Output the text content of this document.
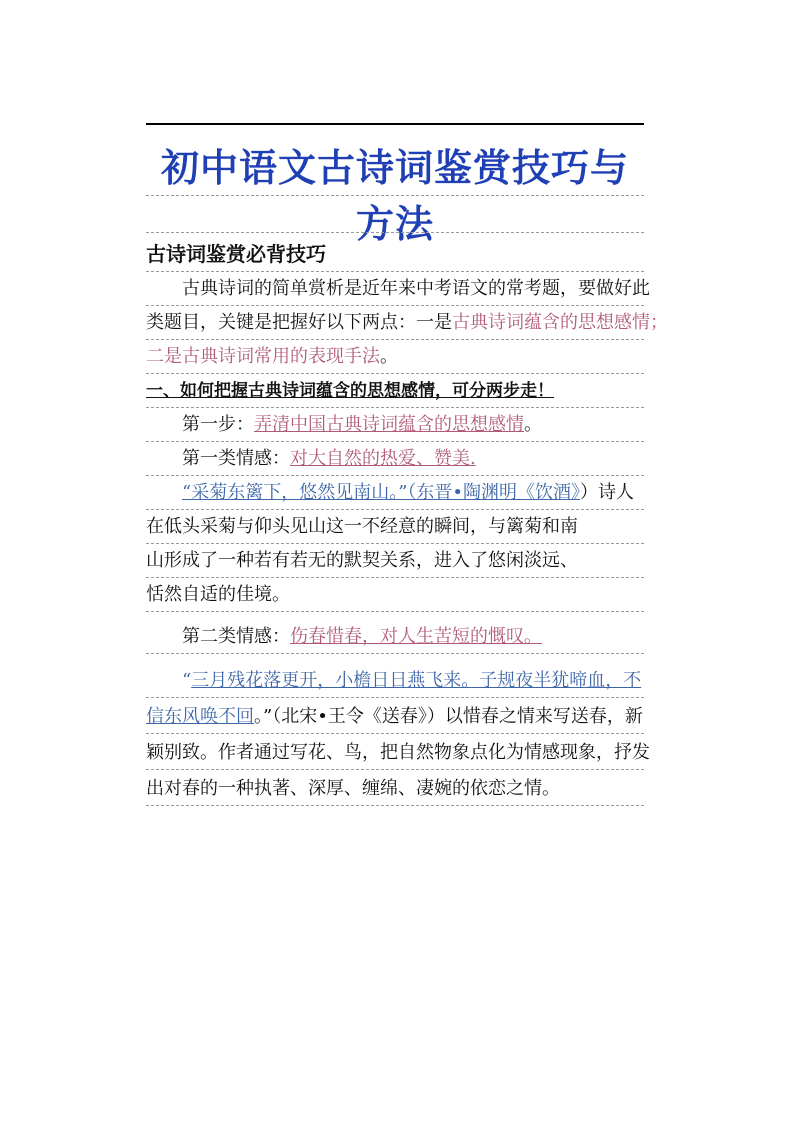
初中语文古诗词鉴赏技巧与方法
古诗词鉴赏必背技巧
古典诗词的简单赏析是近年来中考语文的常考题，要做好此
类题目，关键是把握好以下两点：一是古典诗词蕴含的思想感情；
二是古典诗词常用的表现手法。
一、如何把握古典诗词蕴含的思想感情，可分两步走！
第一步：弄清中国古典诗词蕴含的思想感情。
第一类情感：对大自然的热爱、赞美.
“采菊东篱下，悠然见南山。”（东晋•陶渊明《饮酒》）诗人
在低头采菊与仰头见山这一不经意的瞬间，与篱菊和南
山形成了一种若有若无的默契关系，进入了悠闲淡远、
恬然自适的佳境。
第二类情感：伤春惜春，对人生苦短的慨叹。
“三月残花落更开，小檐日日燕飞来。子规夜半犹啼血，不
信东风唤不回。”（北宋•王令《送春》）以惜春之情来写送春，新
颖别致。作者通过写花、鸟，把自然物象点化为情感现象，抒发
出对春的一种执著、深厚、缠绵、凄婉的依恋之情。
